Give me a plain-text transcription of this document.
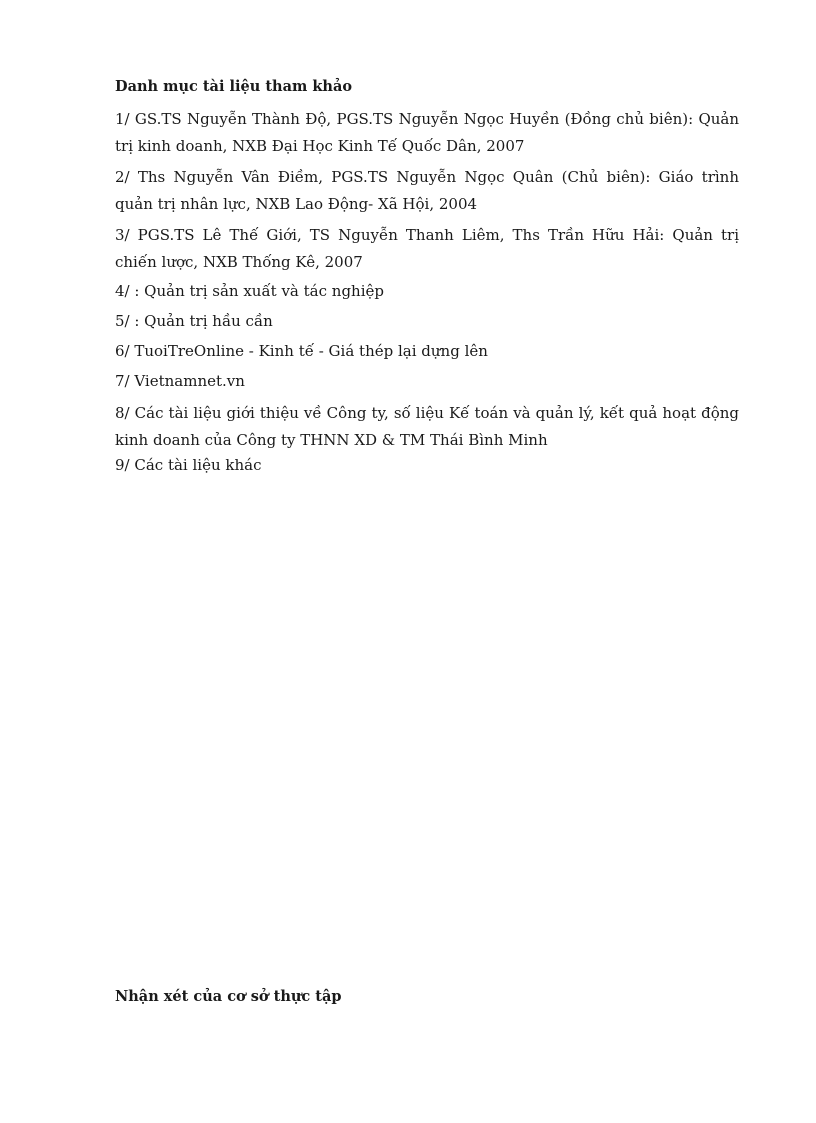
Danh mục tài liệu tham khảo

1/ GS.TS Nguyễn Thành Độ, PGS.TS Nguyễn Ngọc Huyền (Đồng chủ biên): Quản trị kinh doanh, NXB Đại Học Kinh Tế Quốc Dân, 2007

2/ Ths Nguyễn Vân Điềm, PGS.TS Nguyễn Ngọc Quân (Chủ biên): Giáo trình quản trị nhân lực, NXB Lao Động- Xã Hội, 2004

3/ PGS.TS Lê Thế Giới, TS Nguyễn Thanh Liêm, Ths Trần Hữu Hải: Quản trị chiến lược, NXB Thống Kê, 2007

4/ : Quản trị sản xuất và tác nghiệp

5/ : Quản trị hầu cần

6/ TuoiTreOnline - Kinh tế - Giá thép lại dựng lên

7/ Vietnamnet.vn

8/ Các tài liệu giới thiệu về Công ty, số liệu Kế toán và quản lý, kết quả hoạt động kinh doanh của Công ty THNN XD & TM Thái Bình Minh

9/ Các tài liệu khác

Nhận xét của cơ sở thực tập
